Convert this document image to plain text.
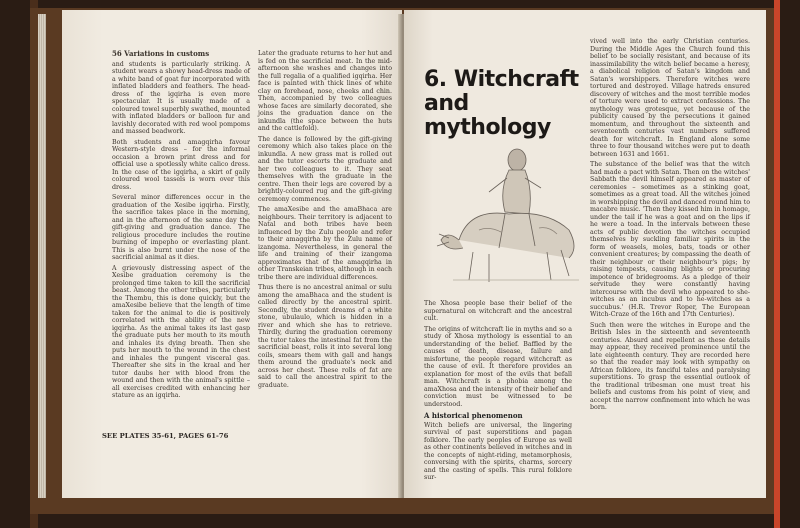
56 Variations in customs

and students is particularly striking. A student wears a showy head-dress made of a white band of goat fur incorporated with inflated bladders and feathers. The head-dress of the igqirha is even more spectacular. It is usually made of a coloured towel superbly swathed, mounted with inflated bladders or balloon fur and lavishly decorated with red wool pompoms and massed beadwork.

Both students and amagqirha favour Western-style dress – for the informal occasion a brown print dress and for official use a spotlessly white calico dress. In the case of the igqirha, a skirt of gaily coloured wool tassels is worn over this dress.

Several minor differences occur in the graduation of the Xesibe igqirha. Firstly, the sacrifice takes place in the morning, and in the afternoon of the same day the gift-giving and graduation dance. The religious procedure includes the routine burning of impepho or everlasting plant. This is also burnt under the nose of the sacrificial animal as it dies.

A grievously distressing aspect of the Xesibe graduation ceremony is the prolonged time taken to kill the sacrificial beast. Among the other tribes, particularly the Thembu, this is done quickly, but the amaXesibe believe that the length of time taken for the animal to die is positively correlated with the ability of the new igqirha. As the animal takes its last gasp the graduate puts her mouth to its mouth and inhales its dying breath. Then she puts her mouth to the wound in the chest and inhales the pungent visceral gas. Thereafter she sits in the kraal and her tutor daubs her with blood from the wound and then with the animal's spittle – all exercises credited with enhancing her stature as an igqirha.

SEE PLATES 35-61, PAGES 61-76

Later the graduate returns to her hut and is fed on the sacrificial meat. In the mid-afternoon she washes and changes into the full regalia of a qualified igqirha. Her face is painted with thick lines of white clay on forehead, nose, cheeks and chin. Then, accompanied by two colleagues whose faces are similarly decorated, she joins the graduation dance on the inkundla (the space between the huts and the cattlefold).

The dance is followed by the gift-giving ceremony which also takes place on the inkundla. A new grass mat is rolled out and the tutor escorts the graduate and her two colleagues to it. They seat themselves with the graduate in the centre. Then their legs are covered by a brightly-coloured rug and the gift-giving ceremony commences.

The amaXesibe and the amaBhaca are neighbours. Their territory is adjacent to Natal and both tribes have been influenced by the Zulu people and refer to their amagqirha by the Zulu name of izangoma. Nevertheless, in general the life and training of their izangoma approximates that of the amagqirha in other Transkeian tribes, although in each tribe there are individual differences.

Thus there is no ancestral animal or sulu among the amaBhaca and the student is called directly by the ancestral spirit. Secondly, the student dreams of a white stone, ubulaulo, which is hidden in a river and which she has to retrieve. Thirdly, during the graduation ceremony the tutor takes the intestinal fat from the sacrificial beast, rolls it into several long coils, smears them with gall and hangs them around the graduate's neck and across her chest. These rolls of fat are said to call the ancestral spirit to the graduate.

6. Witchcraft and
mythology

The Xhosa people base their belief of the supernatural on witchcraft and the ancestral cult.

The origins of witchcraft lie in myths and so a study of Xhosa mythology is essential to an understanding of the belief. Baffled by the causes of death, disease, failure and misfortune, the people regard witchcraft as the cause of evil. It therefore provides an explanation for most of the evils that befall man. Witchcraft is a phobia among the amaXhosa and the intensity of their belief and conviction must be witnessed to be understood.

A historical phenomenon

Witch beliefs are universal, the lingering survival of past superstitions and pagan folklore. The early peoples of Europe as well as other continents believed in witches and in the concepts of night-riding, metamorphosis, conversing with the spirits, charms, sorcery and the casting of spells. This rural folklore sur-

vived well into the early Christian centuries. During the Middle Ages the Church found this belief to be socially resistant, and because of its inassimilability the witch belief became a heresy, a diabolical religion of Satan's kingdom and Satan's worshippers. Therefore witches were tortured and destroyed. Village hatreds ensured discovery of witches and the most terrible modes of torture were used to extract confessions. The mythology was grotesque, yet because of the publicity caused by the persecutions it gained momentum, and throughout the sixteenth and seventeenth centuries vast numbers suffered death for witchcraft. In England alone some three to four thousand witches were put to death between 1631 and 1661.

The substance of the belief was that the witch had made a pact with Satan. Then on the witches' Sabbath the devil himself appeared as master of ceremonies – sometimes as a stinking goat, sometimes as a great toad. All the witches joined in worshipping the devil and danced round him to macabre music. 'Then they kissed him in homage, under the tail if he was a goat and on the lips if he were a toad. In the intervals between these acts of public devotion the witches occupied themselves by suckling familiar spirits in the form of weasels, moles, bats, toads or other convenient creatures; by compassing the death of their neighbour or their neighbour's pigs; by raising tempests, causing blights or procuring impotence of bridegrooms. As a pledge of their servitude they were constantly having intercourse with the devil who appeared to she-witches as an incubus and to he-witches as a succubus.' (H.R. Trevor Roper, The European Witch-Craze of the 16th and 17th Centuries).

Such then were the witches in Europe and the British Isles in the sixteenth and seventeenth centuries. Absurd and repellent as these details may appear, they received prominence until the late eighteenth century. They are recorded here so that the reader may look with sympathy on African folklore, its fanciful tales and paralysing superstitions. To grasp the essential outlook of the traditional tribesman one must treat his beliefs and customs from his point of view, and accept the narrow confinement into which he was born.
